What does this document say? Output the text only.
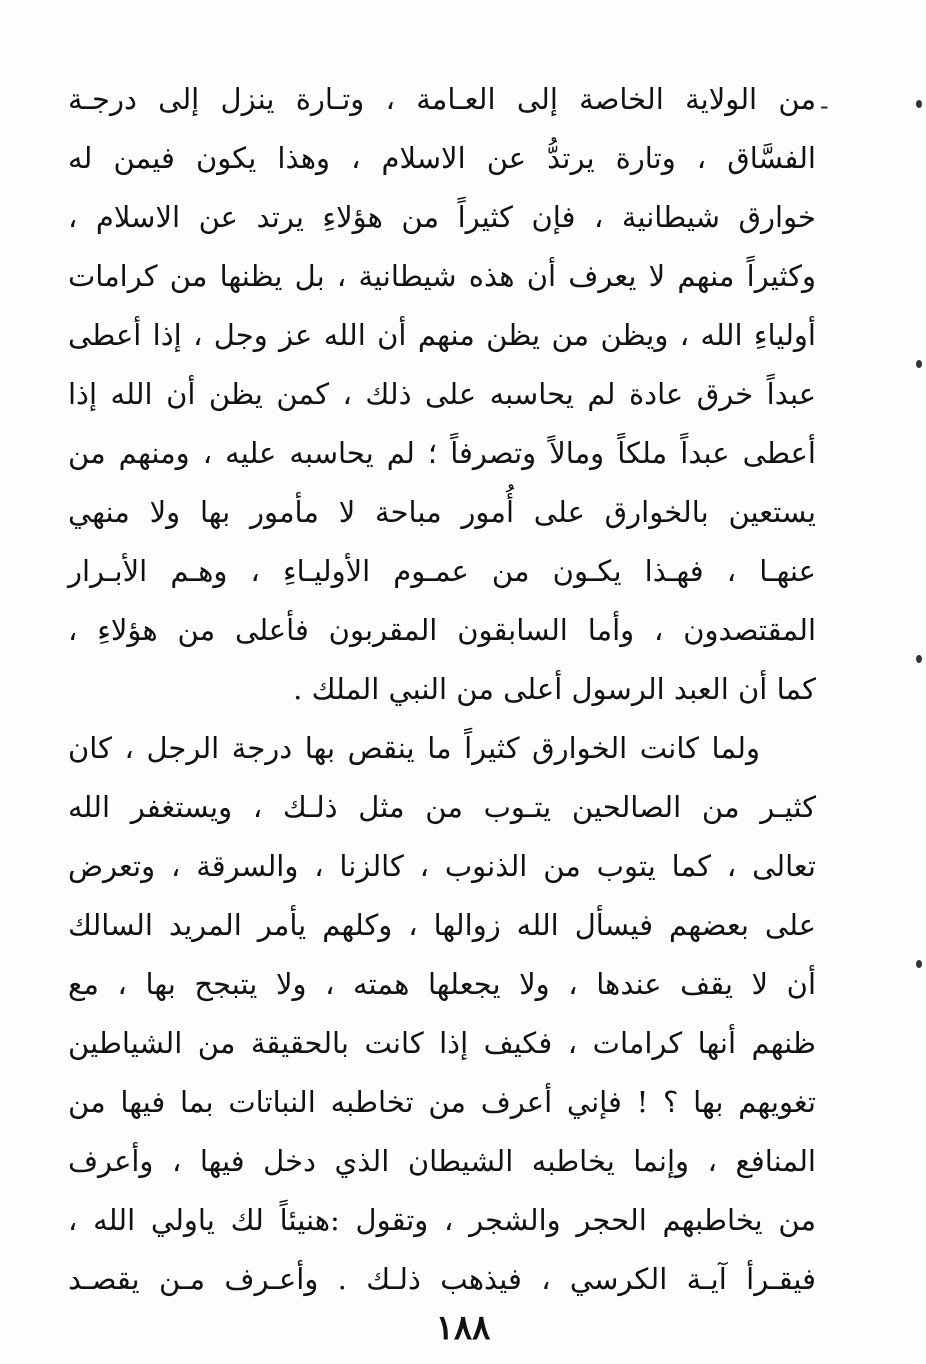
-
من الولاية الخاصة إلى العـامة ، وتـارة ينزل إلى درجـة
الفسَّاق ، وتارة يرتدُّ عن الاسلام ، وهذا يكون فيمن له
خوارق شيطانية ، فإن كثيراً من هؤلاءِ يرتد عن الاسلام ،
وكثيراً منهم لا يعرف أن هذه شيطانية ، بل يظنها من كرامات
أولياءِ الله ، ويظن من يظن منهم أن الله عز وجل ، إذا أعطى
عبداً خرق عادة لم يحاسبه على ذلك ، كمن يظن أن الله إذا
أعطى عبداً ملكاً ومالاً وتصرفاً ؛ لم يحاسبه عليه ، ومنهم من
يستعين بالخوارق على أُمور مباحة لا مأمور بها ولا منهي
عنهـا ، فهـذا يكـون من عمـوم الأوليـاءِ ، وهـم الأبـرار
المقتصدون ، وأما السابقون المقربون فأعلى من هؤلاءِ ،
كما أن العبد الرسول أعلى من النبي الملك .
ولما كانت الخوارق كثيراً ما ينقص بها درجة الرجل ، كان
كثيـر من الصالحين يتـوب من مثل ذلـك ، ويستغفر الله
تعالى ، كما يتوب من الذنوب ، كالزنا ، والسرقة ، وتعرض
على بعضهم فيسأل الله زوالها ، وكلهم يأمر المريد السالك
أن لا يقف عندها ، ولا يجعلها همته ، ولا يتبجح بها ، مع
ظنهم أنها كرامات ، فكيف إذا كانت بالحقيقة من الشياطين
تغويهم بها ؟ ! فإني أعرف من تخاطبه النباتات بما فيها من
المنافع ، وإنما يخاطبه الشيطان الذي دخل فيها ، وأعرف
من يخاطبهم الحجر والشجر ، وتقول :هنيئاً لك ياولي الله ،
فيقـرأ آيـة الكرسي ، فيذهب ذلـك . وأعـرف مـن يقصـد
١٨٨
